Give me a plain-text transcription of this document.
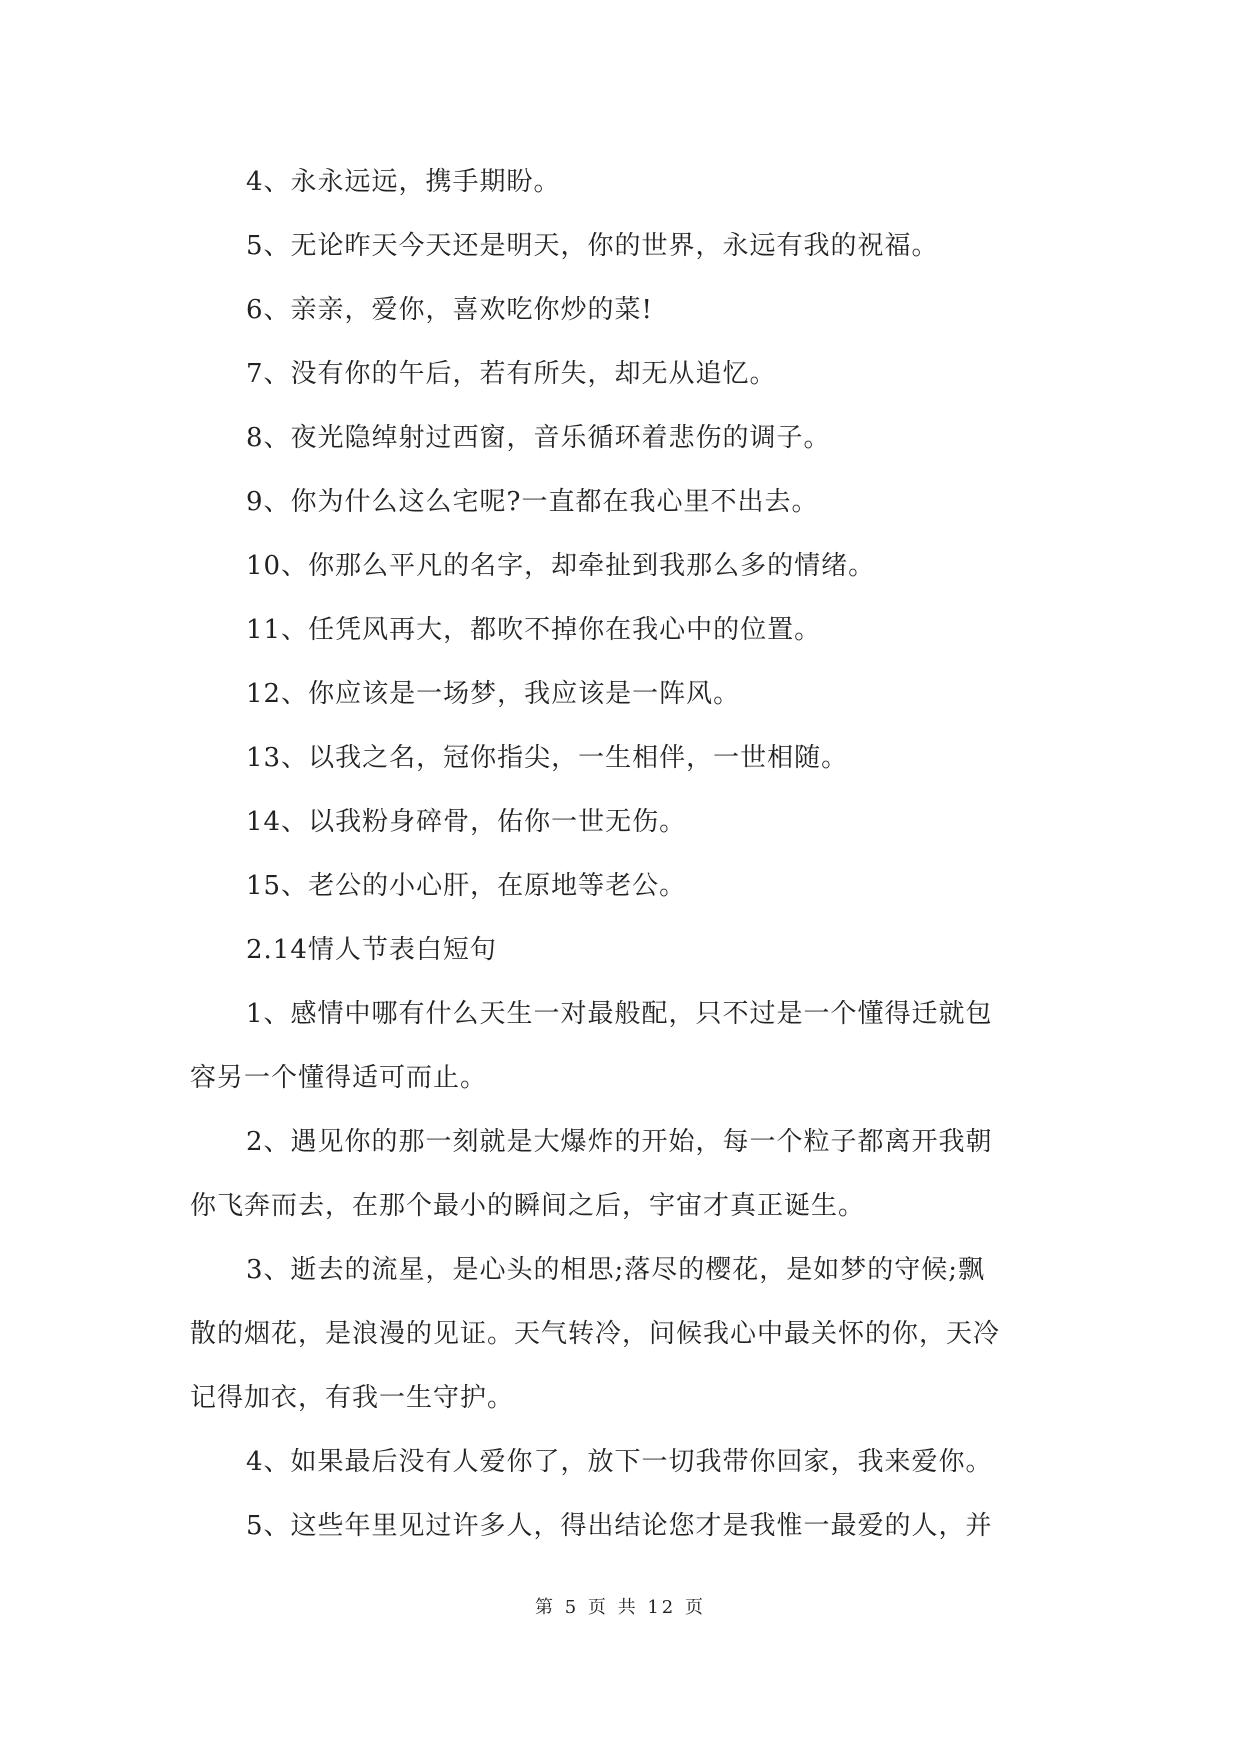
4、永永远远，携手期盼。

5、无论昨天今天还是明天，你的世界，永远有我的祝福。

6、亲亲，爱你，喜欢吃你炒的菜!

7、没有你的午后，若有所失，却无从追忆。

8、夜光隐绰射过西窗，音乐循环着悲伤的调子。

9、你为什么这么宅呢?一直都在我心里不出去。

10、你那么平凡的名字，却牵扯到我那么多的情绪。

11、任凭风再大，都吹不掉你在我心中的位置。

12、你应该是一场梦，我应该是一阵风。

13、以我之名，冠你指尖，一生相伴，一世相随。

14、以我粉身碎骨，佑你一世无伤。

15、老公的小心肝，在原地等老公。

2.14情人节表白短句

1、感情中哪有什么天生一对最般配，只不过是一个懂得迁就包

容另一个懂得适可而止。

2、遇见你的那一刻就是大爆炸的开始，每一个粒子都离开我朝

你飞奔而去，在那个最小的瞬间之后，宇宙才真正诞生。

3、逝去的流星，是心头的相思;落尽的樱花，是如梦的守候;飘

散的烟花，是浪漫的见证。天气转冷，问候我心中最关怀的你，天冷

记得加衣，有我一生守护。

4、如果最后没有人爱你了，放下一切我带你回家，我来爱你。

5、这些年里见过许多人，得出结论您才是我惟一最爱的人，并

第 5 页 共 12 页
